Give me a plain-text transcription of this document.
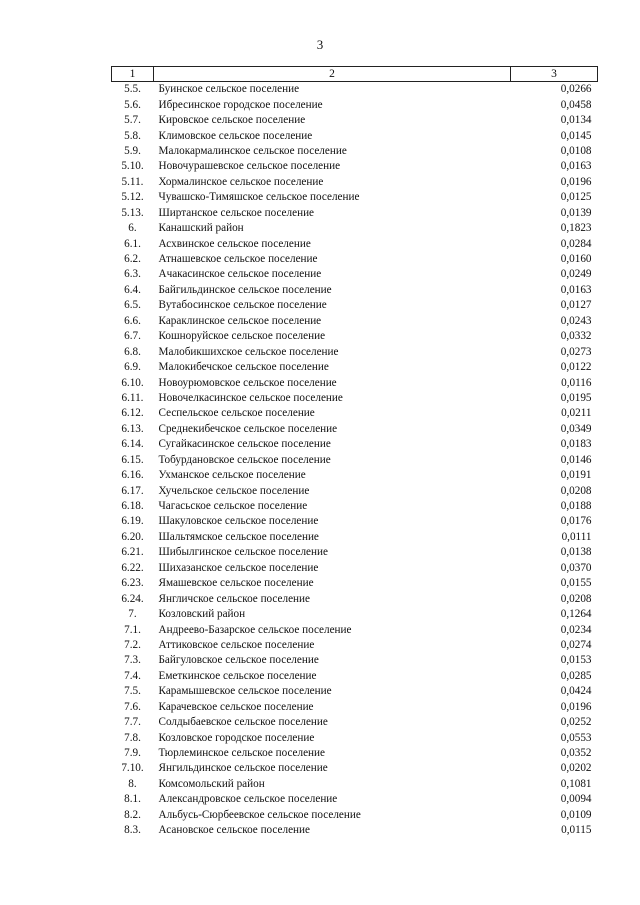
3
1	2	3
5.5.	Буинское сельское поселение	0,0266
5.6.	Ибресинское городское поселение	0,0458
5.7.	Кировское сельское поселение	0,0134
5.8.	Климовское сельское поселение	0,0145
5.9.	Малокармалинское сельское поселение	0,0108
5.10.	Новочурашевское сельское поселение	0,0163
5.11.	Хормалинское сельское поселение	0,0196
5.12.	Чувашско-Тимяшское сельское поселение	0,0125
5.13.	Ширтанское сельское поселение	0,0139
6.	Канашский район	0,1823
6.1.	Асхвинское сельское поселение	0,0284
6.2.	Атнашевское сельское поселение	0,0160
6.3.	Ачакасинское сельское поселение	0,0249
6.4.	Байгильдинское сельское поселение	0,0163
6.5.	Вутабосинское сельское поселение	0,0127
6.6.	Караклинское сельское поселение	0,0243
6.7.	Кошноруйское сельское поселение	0,0332
6.8.	Малобикшихское сельское поселение	0,0273
6.9.	Малокибечское сельское поселение	0,0122
6.10.	Новоурюмовское сельское поселение	0,0116
6.11.	Новочелкасинское сельское поселение	0,0195
6.12.	Сеспельское сельское поселение	0,0211
6.13.	Среднекибечское сельское поселение	0,0349
6.14.	Сугайкасинское сельское поселение	0,0183
6.15.	Тобурдановское сельское поселение	0,0146
6.16.	Ухманское сельское поселение	0,0191
6.17.	Хучельское сельское поселение	0,0208
6.18.	Чагасьское сельское поселение	0,0188
6.19.	Шакуловское сельское поселение	0,0176
6.20.	Шальтямское сельское поселение	0,0111
6.21.	Шибылгинское сельское поселение	0,0138
6.22.	Шихазанское сельское поселение	0,0370
6.23.	Ямашевское сельское поселение	0,0155
6.24.	Янгличское сельское поселение	0,0208
7.	Козловский район	0,1264
7.1.	Андреево-Базарское сельское поселение	0,0234
7.2.	Аттиковское сельское поселение	0,0274
7.3.	Байгуловское сельское поселение	0,0153
7.4.	Еметкинское сельское поселение	0,0285
7.5.	Карамышевское сельское поселение	0,0424
7.6.	Карачевское сельское поселение	0,0196
7.7.	Солдыбаевское сельское поселение	0,0252
7.8.	Козловское городское поселение	0,0553
7.9.	Тюрлеминское сельское поселение	0,0352
7.10.	Янгильдинское сельское поселение	0,0202
8.	Комсомольский район	0,1081
8.1.	Александровское сельское поселение	0,0094
8.2.	Альбусь-Сюрбеевское сельское поселение	0,0109
8.3.	Асановское сельское поселение	0,0115
